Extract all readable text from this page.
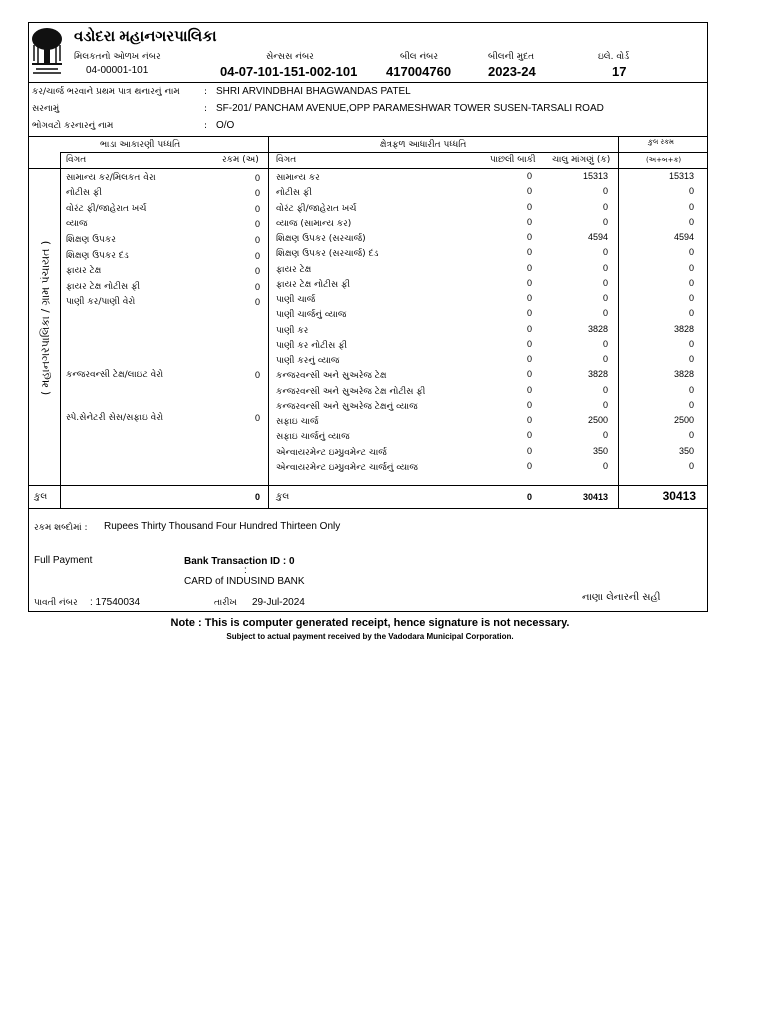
વડોદરા મહાનગરપાલિકા
મિલકતનો ઓળખ નંબર
04-00001-101
સેન્સસ નંબર
04-07-101-151-002-101
બીલ નંબર
417004760
બીલની મુદત
2023-24
ઇલે. વોર્ડ
17
કર/ચાર્જ ભરવાને પ્રથમ પાત્ર થનારનું નામ	: SHRI ARVINDBHAI BHAGWANDAS PATEL
સરનામું	: SF-201/ PANCHAM AVENUE,OPP PARAMESHWAR TOWER SUSEN-TARSALI ROAD
ભોગવટો કરનારનું નામ	: O/O
ભાડા આકારણી પધ્ધતિ	ક્ષેત્રફળ આધારીત પધ્ધતિ	કુલ રકમ
(અ+બ+ક)
વિગત	રકમ (અ) વિગત	પાછલી બાકી ચાલુ માંગણું (ક)
( મહાનગરપાલિકા / ગ્રામ પંચાયત )
સામાન્ય કર/મિલકત વેરા	0
નોટીસ ફી	0
વોરંટ ફી/જાહેરાત ખર્ચ	0
વ્યાજ	0
શિક્ષણ ઉપકર	0
શિક્ષણ ઉપકર દંડ	0
ફાયર ટેક્ષ	0
ફાયર ટેક્ષ નોટીસ ફી	0
પાણી કર/પાણી વેરો	0
કન્જરવન્સી ટેક્ષ/લાઇટ વેરો	0
સ્પે.સેનેટરી સેસ/સફાઇ વેરો	0
સામાન્ય કર	0	15313	15313
નોટીસ ફી	0	0	0
વોરંટ ફી/જાહેરાત ખર્ચ	0	0	0
વ્યાજ (સામાન્ય કર)	0	0	0
શિક્ષણ ઉપકર (સરચાર્જ)	0	4594	4594
શિક્ષણ ઉપકર (સરચાર્જ) દંડ	0	0	0
ફાયર ટેક્ષ	0	0	0
ફાયર ટેક્ષ નોટીસ ફી	0	0	0
પાણી ચાર્જ	0	0	0
પાણી ચાર્જનું વ્યાજ	0	0	0
પાણી કર	0	3828	3828
પાણી કર નોટીસ ફી	0	0	0
પાણી કરનું વ્યાજ	0	0	0
કન્જરવન્સી અને સુઅરેજ ટેક્ષ	0	3828	3828
કન્જરવન્સી અને સુઅરેજ ટેક્ષ નોટીસ ફી	0	0	0
કન્જરવન્સી અને સુઅરેજ ટેક્ષનું વ્યાજ	0	0	0
સફાઇ ચાર્જ	0	2500	2500
સફાઇ ચાર્જનું વ્યાજ	0	0	0
એન્વાયરમેન્ટ ઇમ્પ્રુવમેન્ટ ચાર્જ	0	350	350
એન્વાયરમેન્ટ ઇમ્પ્રુવમેન્ટ ચાર્જનું વ્યાજ	0	0	0
કુલ	0 કુલ	0	30413	30413
રકમ શબ્દોમાં : Rupees Thirty Thousand Four Hundred Thirteen Only
Full Payment	Bank Transaction ID : 0
:
CARD of INDUSIND BANK
પાવતી નંબર : 17540034	તારીખ 29-Jul-2024	નાણા લેનારની સહી
Note : This is computer generated receipt, hence signature is not necessary.
Subject to actual payment received by the Vadodara Municipal Corporation.
